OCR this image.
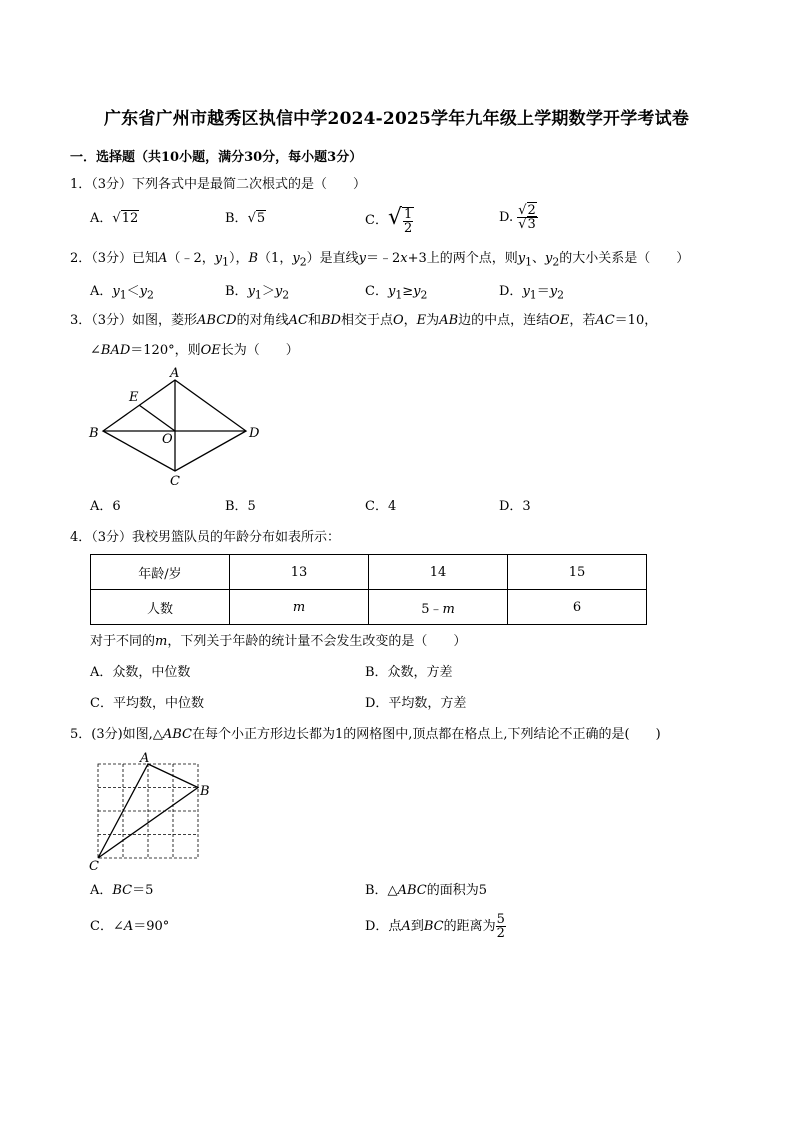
广东省广州市越秀区执信中学2024-2025学年九年级上学期数学开学考试卷
一．选择题（共10小题，满分30分，每小题3分）
1．（3分）下列各式中是最简二次根式的是（　　）
A．√12	B．√5	C．√ $\frac{1}{2}$	D. $\frac{√2}{√3}$
2．（3分）已知A（﹣2，$y_1$），B（1，$y_2$）是直线y＝﹣2x+3上的两个点，则$y_1$、$y_2$的大小关系是（　　）
A．$y_1<y_2$	B．$y_1>y_2$	C．$y_1\ge y_2$	D．$y_1=y_2$
3．（3分）如图，菱形ABCD的对角线AC和BD相交于点O，E为AB边的中点，连结OE，若AC＝10，
∠BAD＝120°，则OE长为（　　）
A
E
B	O	D
C
A．6	B．5	C．4	D．3
4．（3分）我校男篮队员的年龄分布如表所示：
年龄/岁	13	14	15
人数	m	5﹣m	6
对于不同的m，下列关于年龄的统计量不会发生改变的是（　　）
A．众数，中位数	B．众数，方差
C．平均数，中位数	D．平均数，方差
5．(3分)如图,△ABC在每个小正方形边长都为1的网格图中,顶点都在格点上,下列结论不正确的是(　　)
A
B
C
A．BC＝5	B．△ABC的面积为5
C．∠A＝90°	D．点A到BC的距离为 $\frac{5}{2}$
